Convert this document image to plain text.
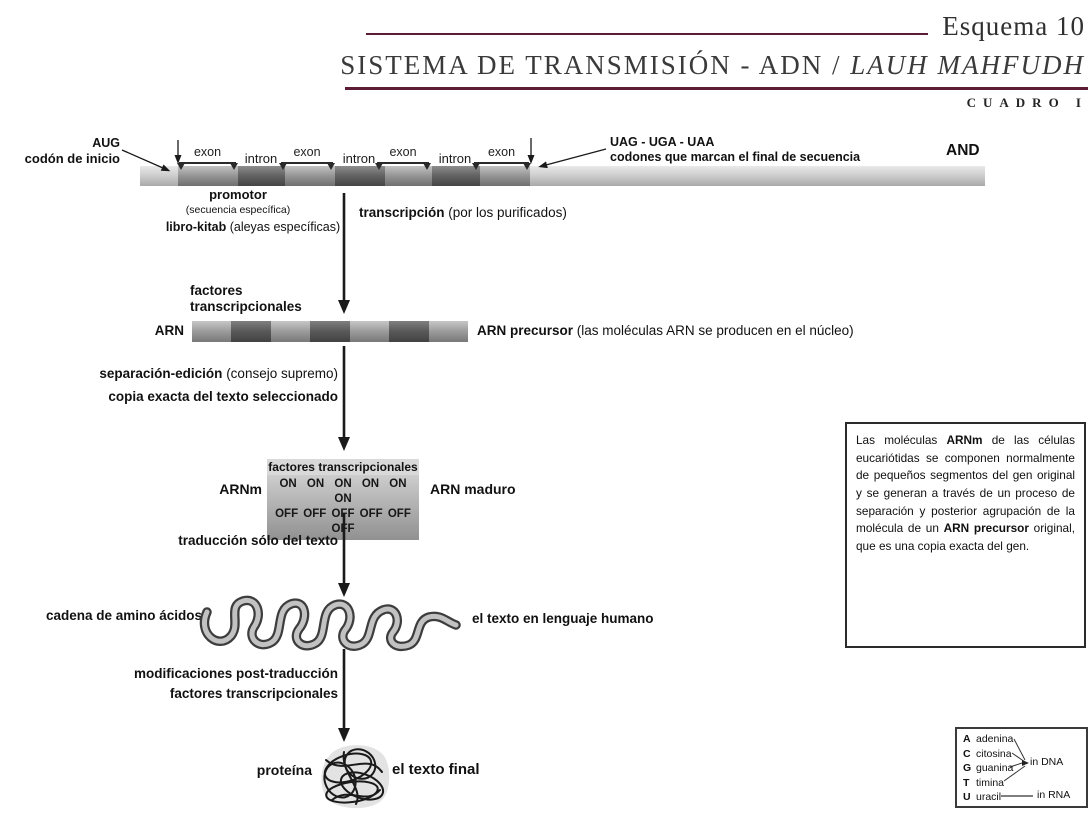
Esquema 10
SISTEMA DE TRANSMISIÓN - ADN / LAUH MAHFUDH
CUADRO I
AUG
codón de inicio
UAG - UGA - UAA
codones que marcan el final de secuencia	AND
exon	exon	exon	exon
intron	intron	intron
promotor
(secuencia específica)
libro-kitab (aleyas específicas)
transcripción (por los purificados)
factores
transcripcionales
ARN	ARN precursor (las moléculas ARN se producen en el núcleo)
separación-edición (consejo supremo)
copia exacta del texto seleccionado
factores transcripcionales
ON ON ON ON ON ON
OFF OFF OFF OFF OFF OFF
ARNm	ARN maduro
traducción sólo del texto
cadena de amino ácidos	el texto en lenguaje humano
modificaciones post-traducción
factores transcripcionales
proteína	el texto final
Las moléculas ARNm de las células eucariótidas se componen normalmente de pequeños segmentos del gen original y se generan a través de un proceso de separación y posterior agrupación de la molécula de un ARN precursor original, que es una copia exacta del gen.
A adenina
C citosina
G guanina
T timina
U uracil
in DNA
in RNA
